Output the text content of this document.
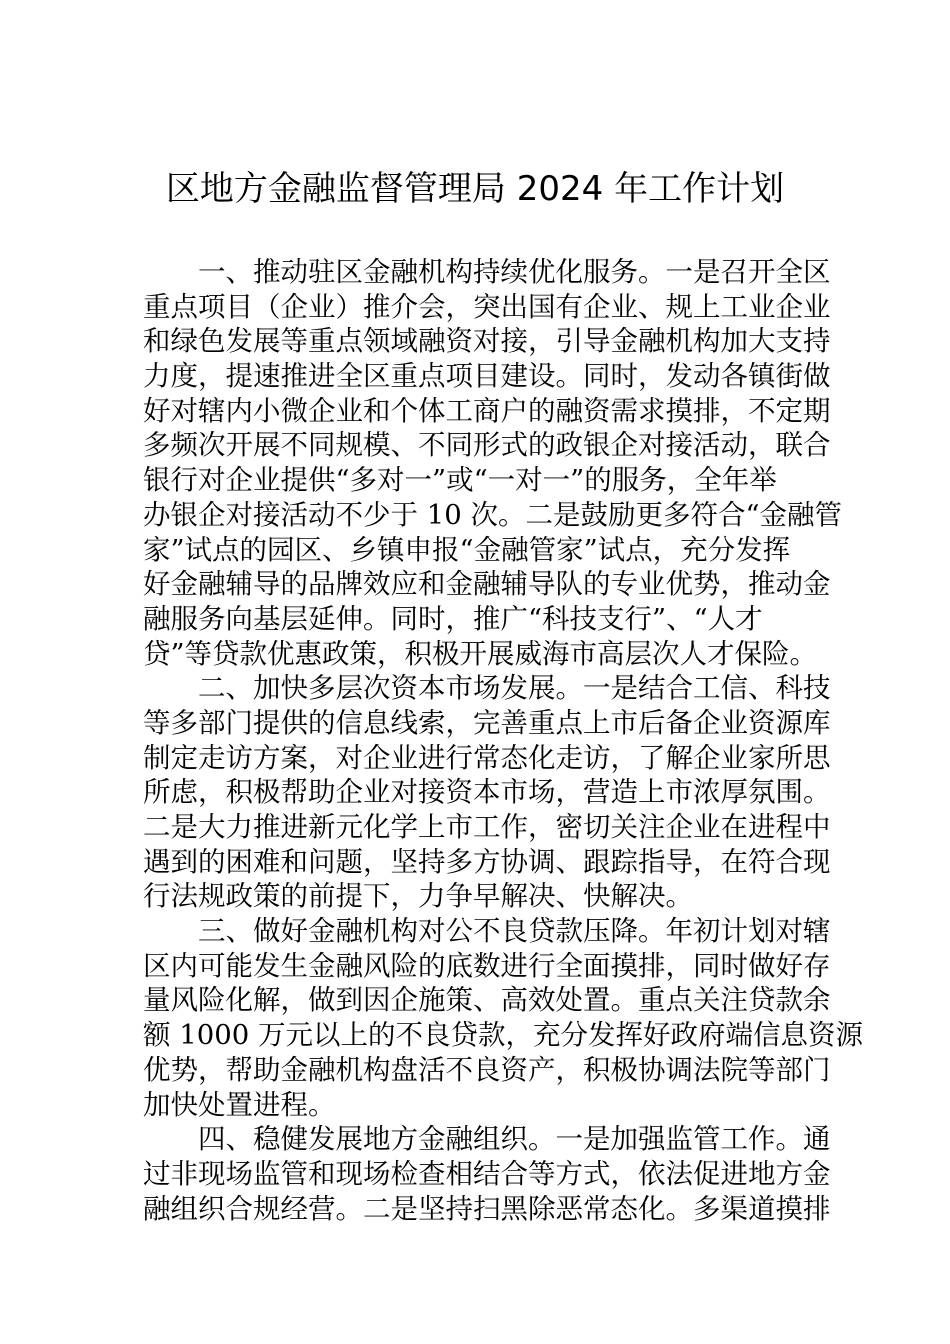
区地方金融监督管理局 2024 年工作计划
一、推动驻区金融机构持续优化服务。一是召开全区
重点项目（企业）推介会，突出国有企业、规上工业企业
和绿色发展等重点领域融资对接，引导金融机构加大支持
力度，提速推进全区重点项目建设。同时，发动各镇街做
好对辖内小微企业和个体工商户的融资需求摸排，不定期
多频次开展不同规模、不同形式的政银企对接活动，联合
银行对企业提供“多对一”或“一对一”的服务，全年举
办银企对接活动不少于 10 次。二是鼓励更多符合“金融管
家”试点的园区、乡镇申报“金融管家”试点，充分发挥
好金融辅导的品牌效应和金融辅导队的专业优势，推动金
融服务向基层延伸。同时，推广“科技支行”、“人才
贷”等贷款优惠政策，积极开展威海市高层次人才保险。
二、加快多层次资本市场发展。一是结合工信、科技
等多部门提供的信息线索，完善重点上市后备企业资源库
制定走访方案，对企业进行常态化走访，了解企业家所思
所虑，积极帮助企业对接资本市场，营造上市浓厚氛围。
二是大力推进新元化学上市工作，密切关注企业在进程中
遇到的困难和问题，坚持多方协调、跟踪指导，在符合现
行法规政策的前提下，力争早解决、快解决。
三、做好金融机构对公不良贷款压降。年初计划对辖
区内可能发生金融风险的底数进行全面摸排，同时做好存
量风险化解，做到因企施策、高效处置。重点关注贷款余
额 1000 万元以上的不良贷款，充分发挥好政府端信息资源
优势，帮助金融机构盘活不良资产，积极协调法院等部门
加快处置进程。
四、稳健发展地方金融组织。一是加强监管工作。通
过非现场监管和现场检查相结合等方式，依法促进地方金
融组织合规经营。二是坚持扫黑除恶常态化。多渠道摸排
